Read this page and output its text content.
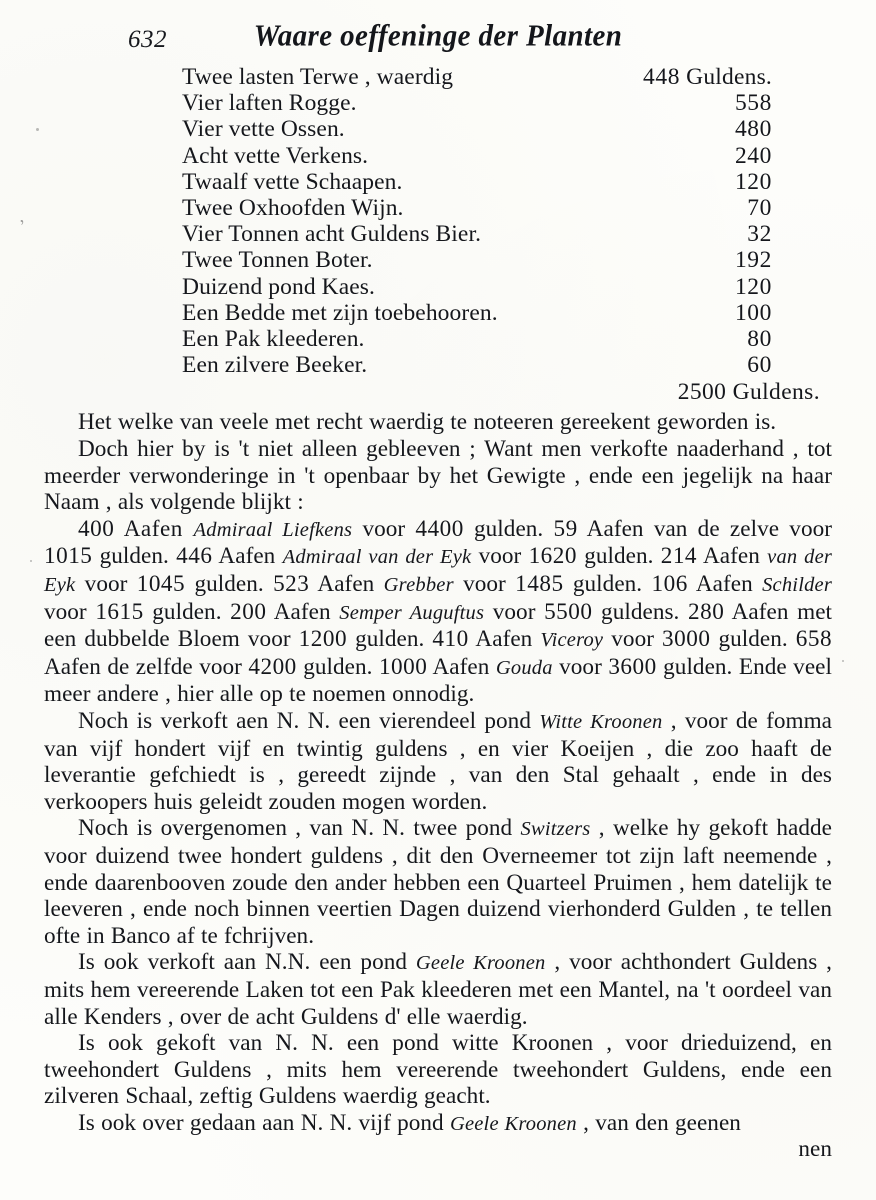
,
632	Waare oeffeninge der Planten
Twee lasten Terwe , waerdig	448 Guldens.
Vier laften Rogge.	558
Vier vette Ossen.	480
Acht vette Verkens.	240
Twaalf vette Schaapen.	120
Twee Oxhoofden Wijn.	70
Vier Tonnen acht Guldens Bier.	32
Twee Tonnen Boter.	192
Duizend pond Kaes.	120
Een Bedde met zijn toebehooren.	100
Een Pak kleederen.	80
Een zilvere Beeker.	60
2500 Guldens.

Het welke van veele met recht waerdig te noteeren gereekent geworden is.

Doch hier by is 't niet alleen gebleeven ; Want men verkofte naaderhand , tot meerder verwonderinge in 't openbaar by het Gewigte , ende een jegelijk na haar Naam , als volgende blijkt :

400 Aafen Admiraal Liefkens voor 4400 gulden. 59 Aafen van de zelve voor 1015 gulden. 446 Aafen Admiraal van der Eyk voor 1620 gulden. 214 Aafen van der Eyk voor 1045 gulden. 523 Aafen Grebber voor 1485 gulden. 106 Aafen Schilder voor 1615 gulden. 200 Aafen Semper Auguftus voor 5500 guldens. 280 Aafen met een dubbelde Bloem voor 1200 gulden. 410 Aafen Viceroy voor 3000 gulden. 658 Aafen de zelfde voor 4200 gulden. 1000 Aafen Gouda voor 3600 gulden. Ende veel meer andere , hier alle op te noemen onnodig.

Noch is verkoft aen N. N. een vierendeel pond Witte Kroonen , voor de fomma van vijf hondert vijf en twintig guldens , en vier Koeijen , die zoo haaft de leverantie gefchiedt is , gereedt zijnde , van den Stal gehaalt , ende in des verkoopers huis geleidt zouden mogen worden.

Noch is overgenomen , van N. N. twee pond Switzers , welke hy gekoft hadde voor duizend twee hondert guldens , dit den Overneemer tot zijn laft neemende , ende daarenbooven zoude den ander hebben een Quarteel Pruimen , hem datelijk te leeveren , ende noch binnen veertien Dagen duizend vierhonderd Gulden , te tellen ofte in Banco af te fchrijven.

Is ook verkoft aan N.N. een pond Geele Kroonen , voor achthondert Guldens , mits hem vereerende Laken tot een Pak kleederen met een Mantel, na 't oordeel van alle Kenders , over de acht Guldens d' elle waerdig.

Is ook gekoft van N. N. een pond witte Kroonen , voor drieduizend, en tweehondert Guldens , mits hem vereerende tweehondert Guldens, ende een zilveren Schaal, zeftig Guldens waerdig geacht.

Is ook over gedaan aan N. N. vijf pond Geele Kroonen , van den geenen

nen
